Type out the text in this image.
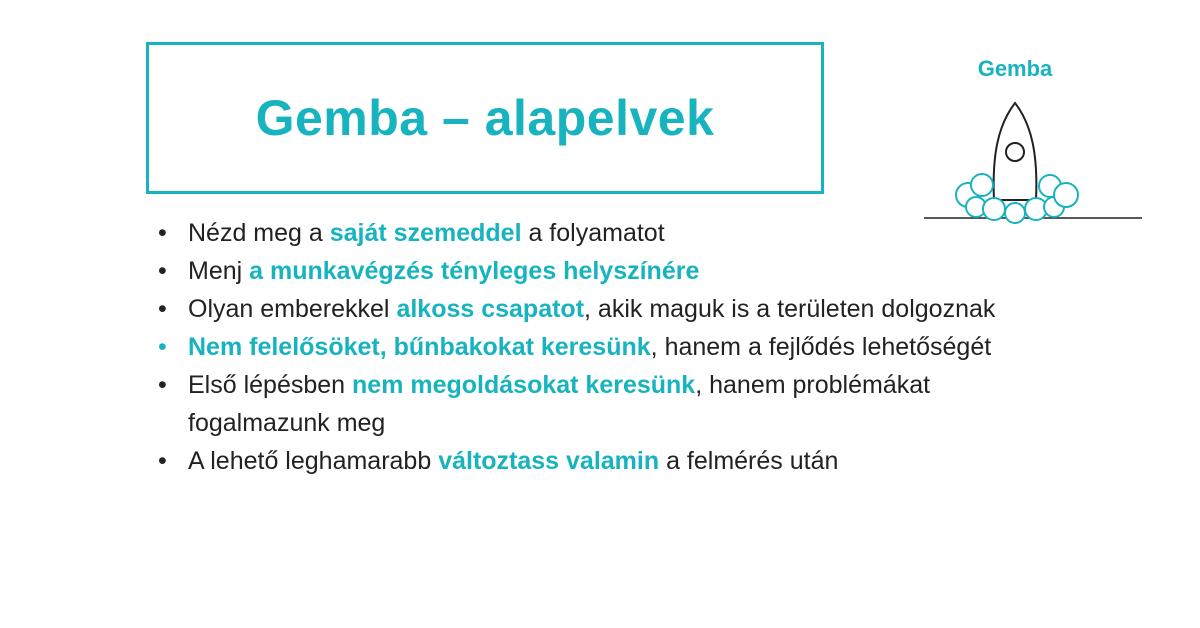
Gemba – alapelvek
Gemba
• Nézd meg a saját szemeddel a folyamatot
• Menj a munkavégzés tényleges helyszínére
• Olyan emberekkel alkoss csapatot, akik maguk is a területen dolgoznak
• Nem felelősöket, bűnbakokat keresünk, hanem a fejlődés lehetőségét
• Első lépésben nem megoldásokat keresünk, hanem problémákat fogalmazunk meg
• A lehető leghamarabb változtass valamin a felmérés után
